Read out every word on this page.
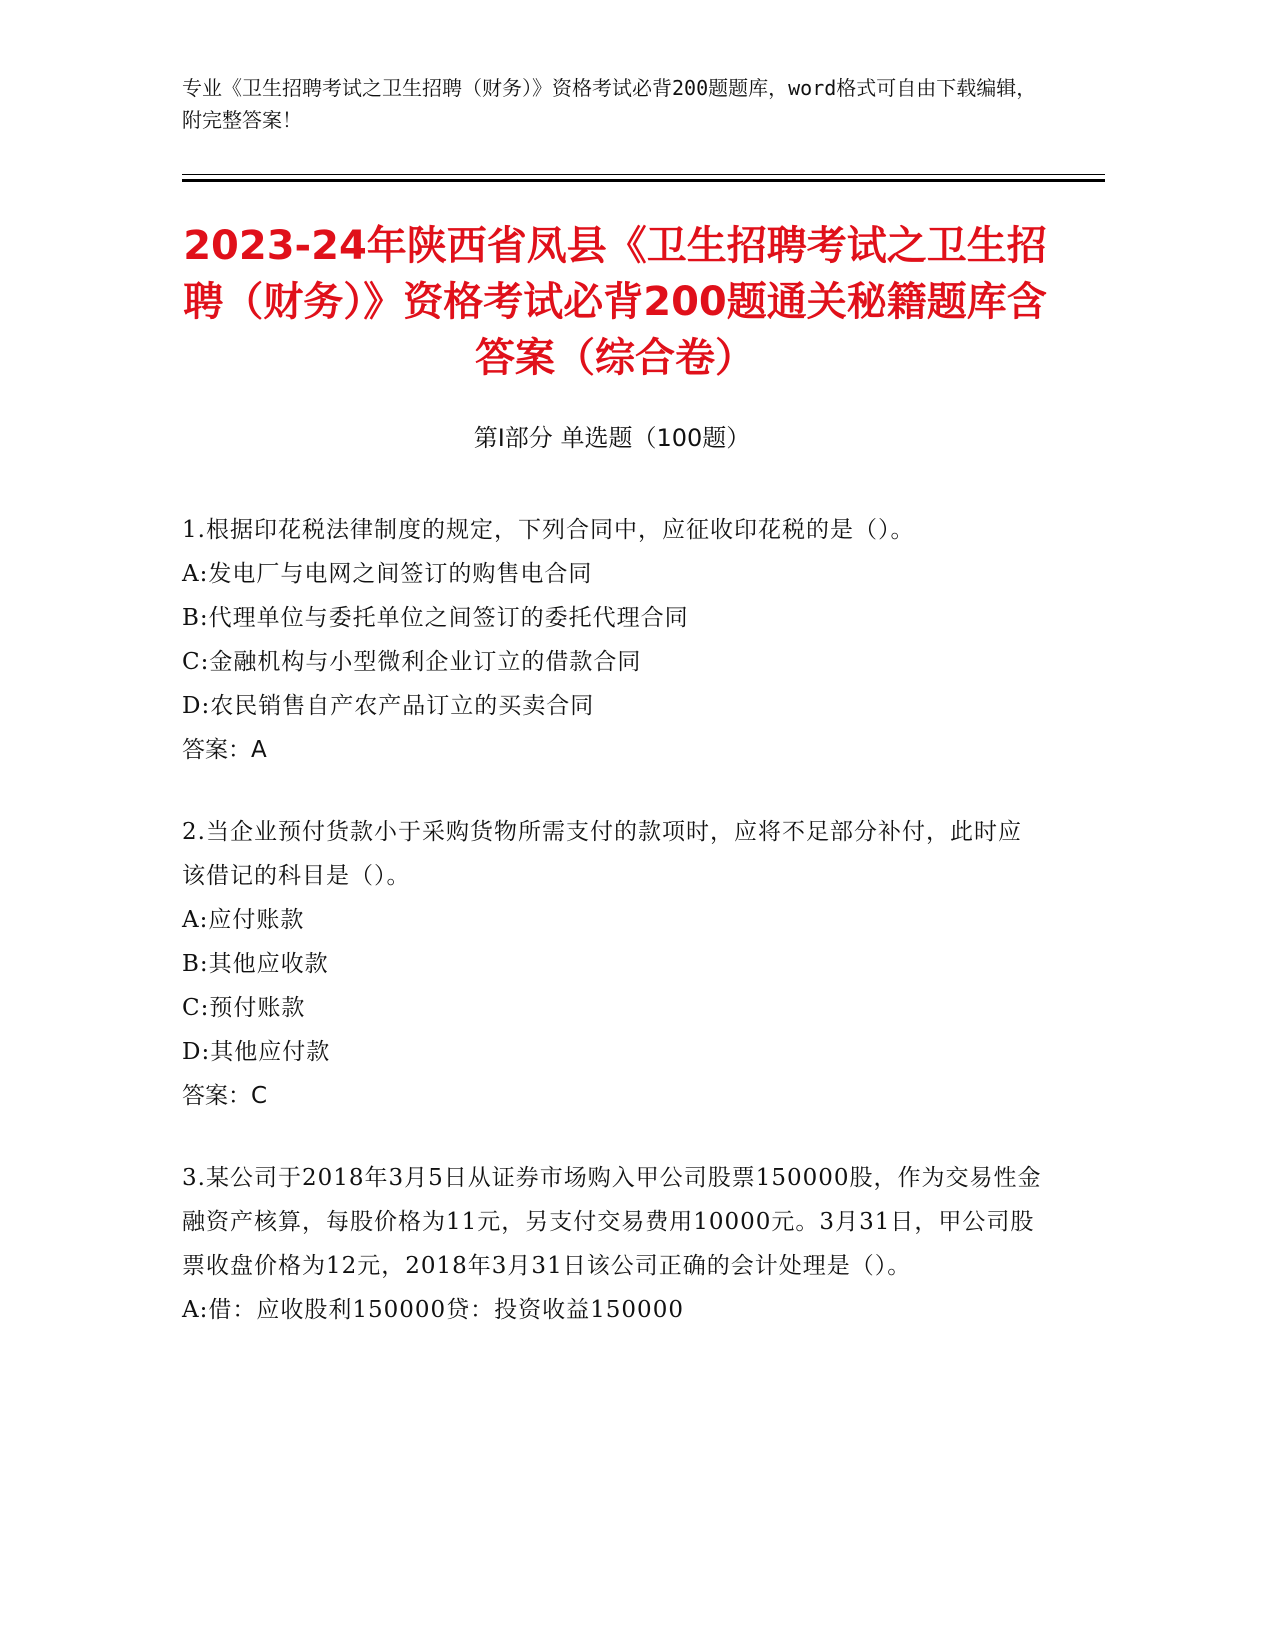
专业《卫生招聘考试之卫生招聘（财务）》资格考试必背200题题库，word格式可自由下载编辑，附完整答案！
2023-24年陕西省凤县《卫生招聘考试之卫生招聘（财务）》资格考试必背200题通关秘籍题库含答案（综合卷）
第Ⅰ部分 单选题（100题）
1.根据印花税法律制度的规定，下列合同中，应征收印花税的是（）。
A:发电厂与电网之间签订的购售电合同
B:代理单位与委托单位之间签订的委托代理合同
C:金融机构与小型微利企业订立的借款合同
D:农民销售自产农产品订立的买卖合同
答案：A
2.当企业预付货款小于采购货物所需支付的款项时，应将不足部分补付，此时应该借记的科目是（）。
A:应付账款
B:其他应收款
C:预付账款
D:其他应付款
答案：C
3.某公司于2018年3月5日从证券市场购入甲公司股票150000股，作为交易性金融资产核算，每股价格为11元，另支付交易费用10000元。3月31日，甲公司股票收盘价格为12元，2018年3月31日该公司正确的会计处理是（）。
A:借：应收股利150000贷：投资收益150000
